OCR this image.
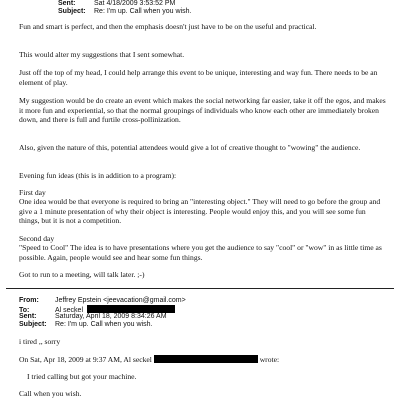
Sent:	Sat 4/18/2009 3:53:52 PM
Subject: Re: I'm up. Call when you wish.

Fun and smart is perfect, and then the emphasis doesn't just have to be on the useful and practical.

This would alter my suggestions that I sent somewhat.

Just off the top of my head, I could help arrange this event to be unique, interesting and way fun. There needs to be an element of play.

My suggestion would be do create an event which makes the social networking far easier, take it off the egos, and makes it more fun and experiential, so that the normal groupings of individuals who know each other are immediately broken down, and there is full and furtile cross-pollinization.

Also, given the nature of this, potential attendees would give a lot of creative thought to "wowing" the audience.

Evening fun ideas (this is in addition to a program):

First day

One idea would be that everyone is required to bring an "interesting object." They will need to go before the group and give a 1 minute presentation of why their object is interesting. People would enjoy this, and you will see some fun things, but it is not a competition.

Second day

"Speed to Cool" The idea is to have presentations where you get the audience to say "cool" or "wow" in as little time as possible. Again, people would see and hear some fun things.

Got to run to a meeting, will talk later. ;-)

From: Jeffrey Epstein <jeevacation@gmail.com>
To:	Al seckel
Sent:	Saturday, April 18, 2009 8:34:26 AM
Subject: Re: I'm up. Call when you wish.

i tired ,, sorry

On Sat, Apr 18, 2009 at 9:37 AM, Al seckel	wrote:

I tried calling but got your machine.

Call when you wish.
